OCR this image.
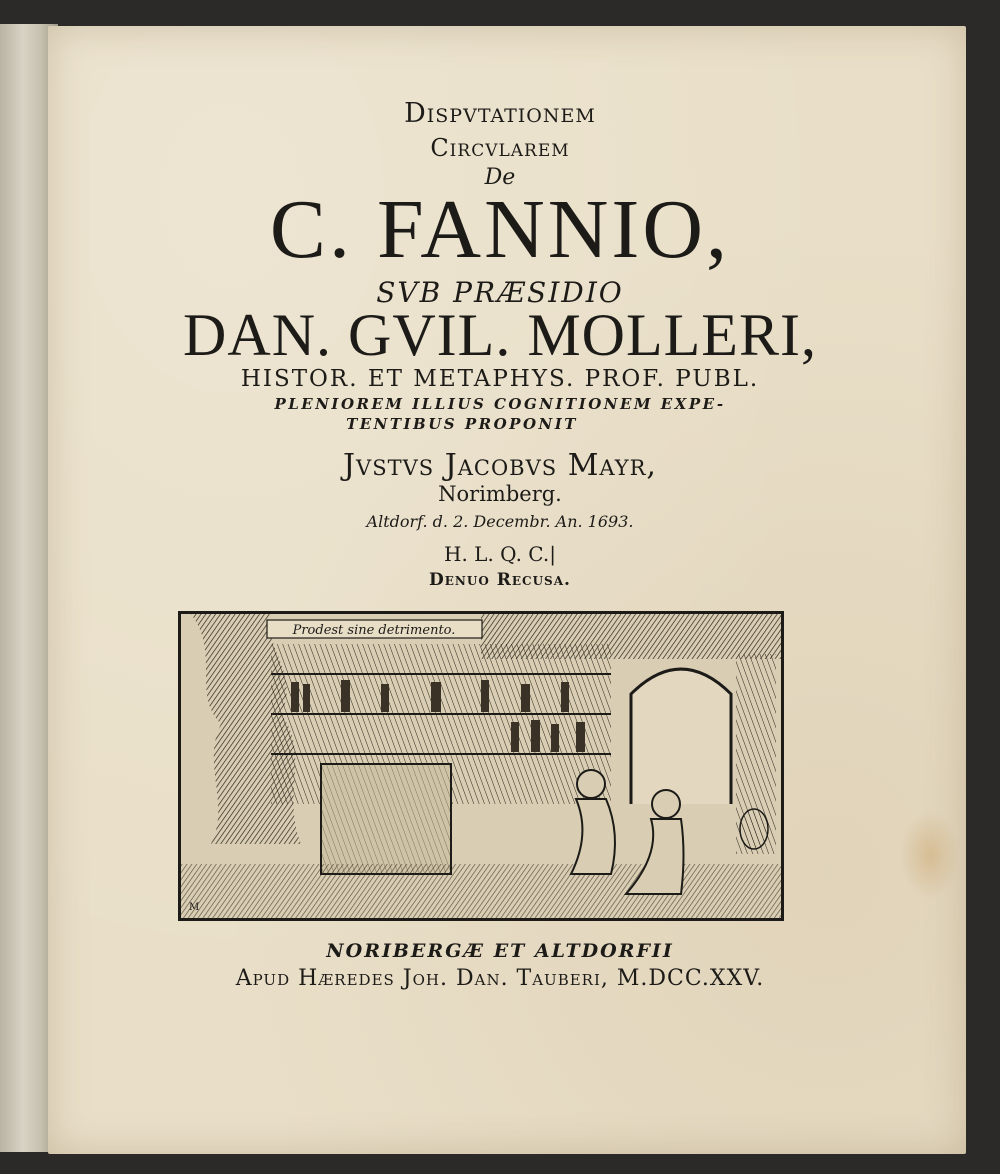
Dispvtationem
Circvlarem
De
C. FANNIO,
SVB PRÆSIDIO
DAN. GVIL. MOLLERI,
HISTOR. ET METAPHYS. PROF. PUBL.
PLENIOREM ILLIUS COGNITIONEM EXPE-
TENTIBUS PROPONIT
Jvstvs Jacobvs Mayr,
Norimberg.
Altdorf. d. 2. Decembr. An. 1693.
H. L. Q. C.|
Denuo Recusa.
Prodest sine detrimento.
M
NORIBERGÆ ET ALTDORFII
Apud Hæredes Joh. Dan. Tauberi, M.DCC.XXV.
